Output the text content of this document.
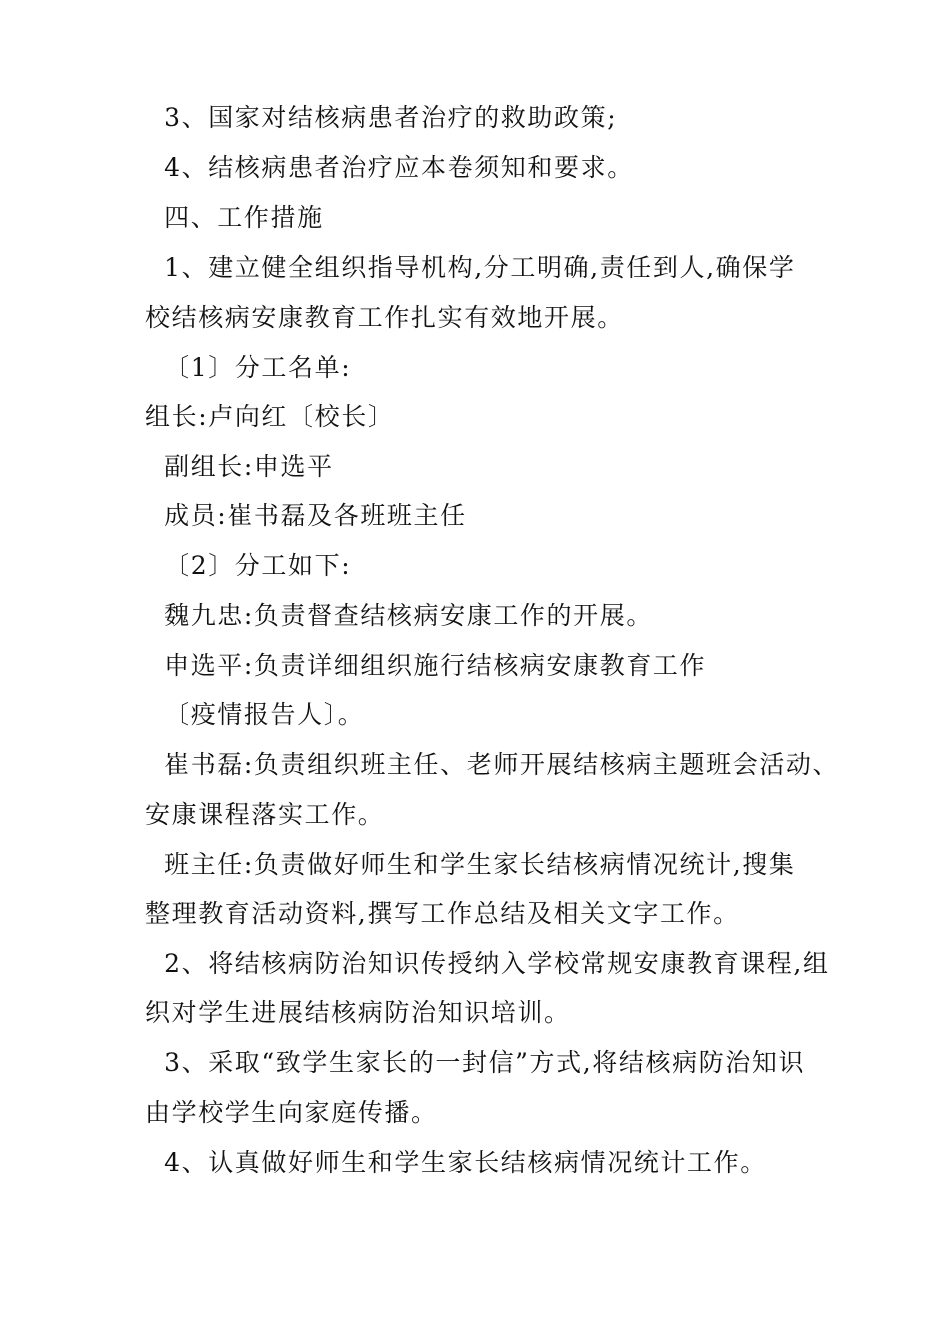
3、国家对结核病患者治疗的救助政策;
4、结核病患者治疗应本卷须知和要求。
四、工作措施
1、建立健全组织指导机构,分工明确,责任到人,确保学
校结核病安康教育工作扎实有效地开展。
〔1〕分工名单:
组长:卢向红〔校长〕
副组长:申选平
成员:崔书磊及各班班主任
〔2〕分工如下:
魏九忠:负责督查结核病安康工作的开展。
申选平:负责详细组织施行结核病安康教育工作
〔疫情报告人〕。
崔书磊:负责组织班主任、老师开展结核病主题班会活动、
安康课程落实工作。
班主任:负责做好师生和学生家长结核病情况统计,搜集
整理教育活动资料,撰写工作总结及相关文字工作。
2、将结核病防治知识传授纳入学校常规安康教育课程,组
织对学生进展结核病防治知识培训。
3、采取“致学生家长的一封信”方式,将结核病防治知识
由学校学生向家庭传播。
4、认真做好师生和学生家长结核病情况统计工作。
